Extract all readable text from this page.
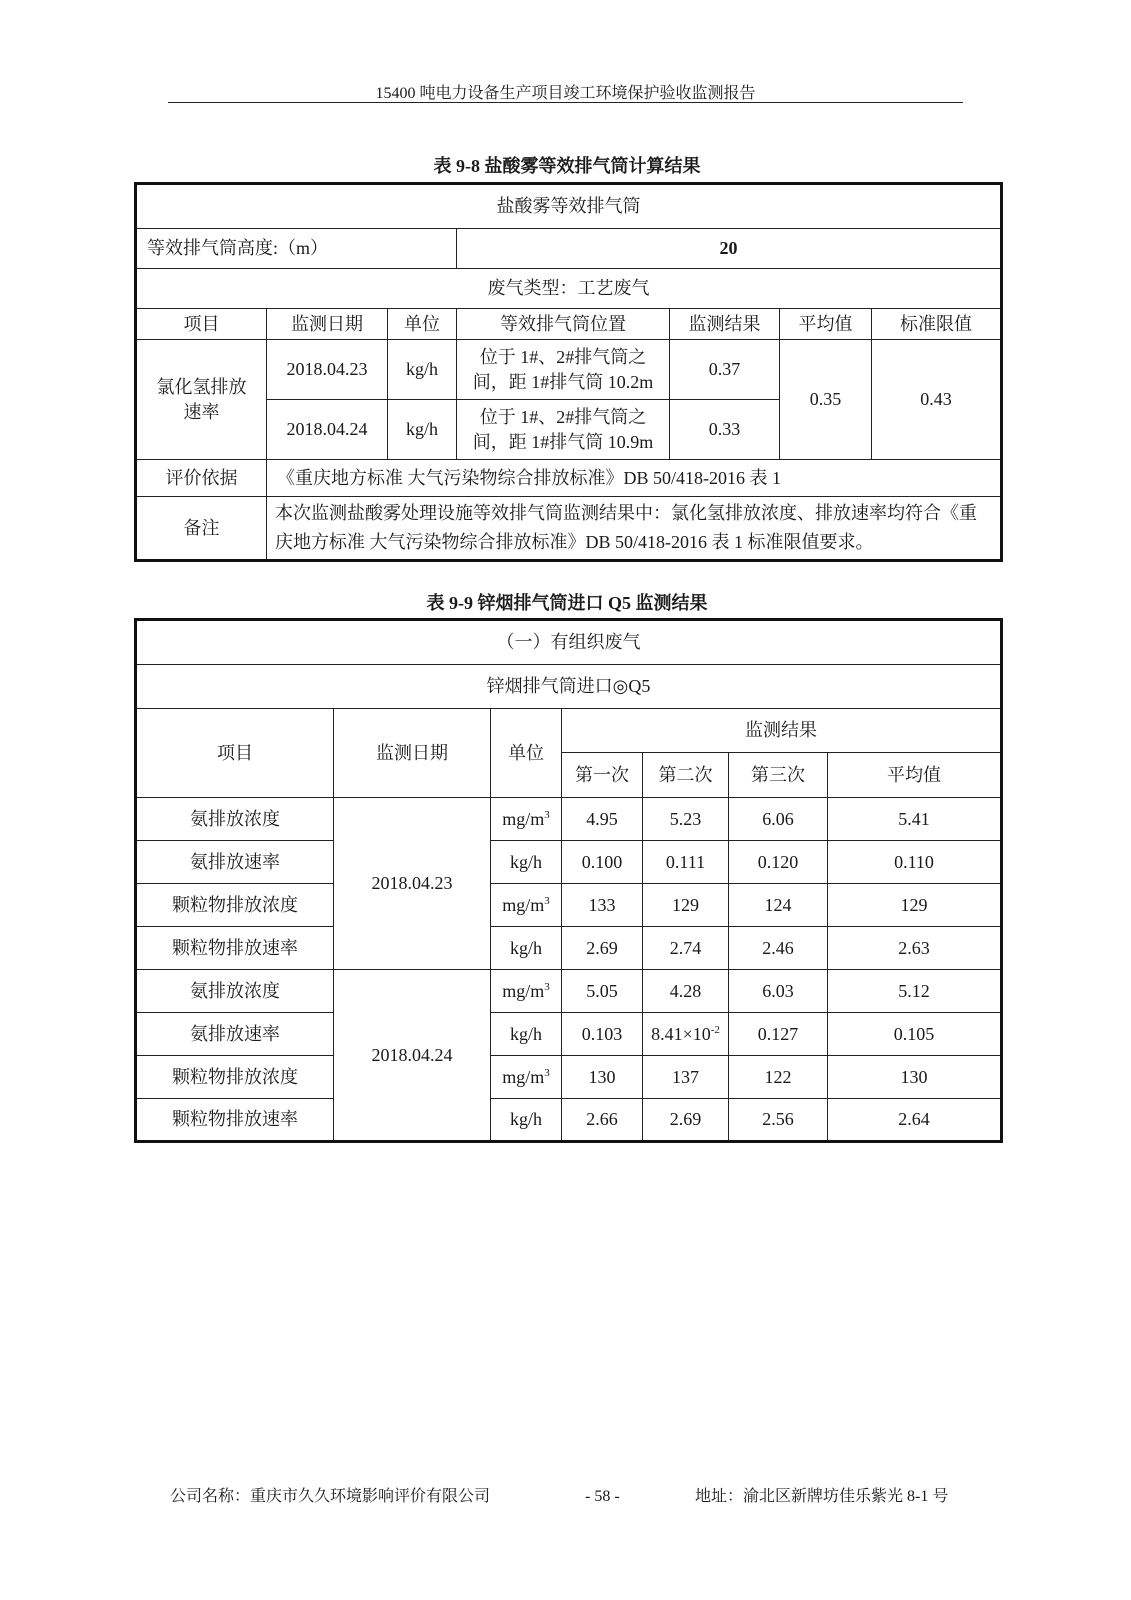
15400 吨电力设备生产项目竣工环境保护验收监测报告
表 9-8 盐酸雾等效排气筒计算结果
盐酸雾等效排气筒						
等效排气筒高度:（m）			20			
废气类型：工艺废气						
项目	监测日期	单位	等效排气筒位置	监测结果	平均值	标准限值
氯化氢排放速率	2018.04.23	kg/h	位于 1#、2#排气筒之间，距 1#排气筒 10.2m	0.37	0.35	0.43
	2018.04.24	kg/h	位于 1#、2#排气筒之间，距 1#排气筒 10.9m	0.33		
评价依据	《重庆地方标准 大气污染物综合排放标准》DB 50/418-2016 表 1					
备注	本次监测盐酸雾处理设施等效排气筒监测结果中：氯化氢排放浓度、排放速率均符合《重庆地方标准 大气污染物综合排放标准》DB 50/418-2016 表 1 标准限值要求。					
表 9-9 锌烟排气筒进口 Q5 监测结果
（一）有组织废气						
锌烟排气筒进口◎Q5						
项目	监测日期	单位	监测结果			
			第一次	第二次	第三次	平均值
氨排放浓度	2018.04.23	$mg/m^3$	4.95	5.23	6.06	5.41
氨排放速率		kg/h	0.100	0.111	0.120	0.110
颗粒物排放浓度		$mg/m^3$	133	129	124	129
颗粒物排放速率		kg/h	2.69	2.74	2.46	2.63
氨排放浓度	2018.04.24	$mg/m^3$	5.05	4.28	6.03	5.12
氨排放速率		kg/h	0.103	$8.41\times 10^{-2}$	0.127	0.105
颗粒物排放浓度		$mg/m^3$	130	137	122	130
颗粒物排放速率		kg/h	2.66	2.69	2.56	2.64
公司名称：重庆市久久环境影响评价有限公司	- 58 -	地址：渝北区新牌坊佳乐紫光 8-1 号
